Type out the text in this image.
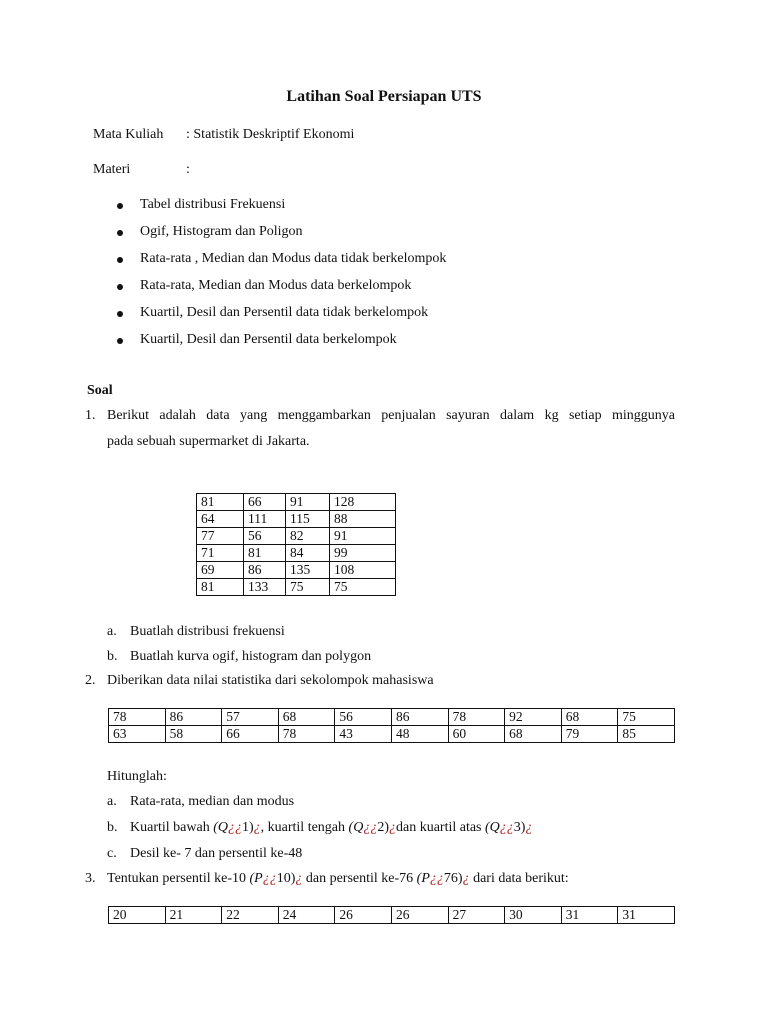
Latihan Soal Persiapan UTS
Mata Kuliah : Statistik Deskriptif Ekonomi
Materi	:
Tabel distribusi Frekuensi
Ogif, Histogram dan Poligon
Rata-rata , Median dan Modus data tidak berkelompok
Rata-rata, Median dan Modus data berkelompok
Kuartil, Desil dan Persentil data tidak berkelompok
Kuartil, Desil dan Persentil data berkelompok
Soal
1. Berikut adalah data yang menggambarkan penjualan sayuran dalam kg setiap minggunya
pada sebuah supermarket di Jakarta.
81	66	91	128
64	111	115	88
77	56	82	91
71	81	84	99
69	86	135	108
81	133	75	75
a. Buatlah distribusi frekuensi
b. Buatlah kurva ogif, histogram dan polygon
2. Diberikan data nilai statistika dari sekolompok mahasiswa
78	86	57	68	56	86	78	92	68	75
63	58	66	78	43	48	60	68	79	85
Hitunglah:
a. Rata-rata, median dan modus
b. Kuartil bawah (Q¿¿1)¿, kuartil tengah (Q¿¿2)¿dan kuartil atas (Q¿¿3)¿
c. Desil ke- 7 dan persentil ke-48
3. Tentukan persentil ke-10 (P¿¿10)¿ dan persentil ke-76 (P¿¿76)¿ dari data berikut:
20	21	22	24	26	26	27	30	31	31
